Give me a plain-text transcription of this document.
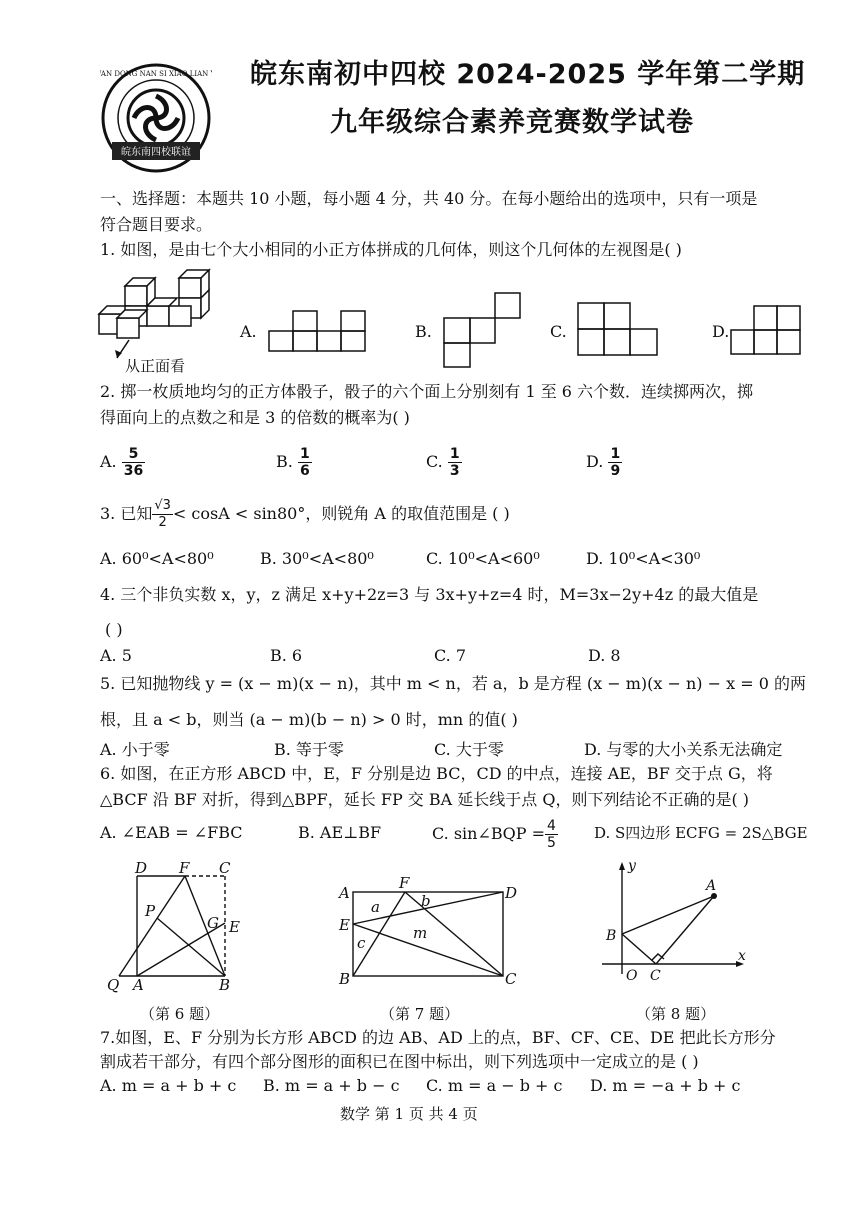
皖东南四校联谊
WAN DONG NAN SI XIAO LIAN YI 皖东南初中四校 2024-2025 学年第二学期
九年级综合素养竞赛数学试卷
一、选择题：本题共 10 小题，每小题 4 分，共 40 分。在每小题给出的选项中，只有一项是
符合题目要求。
1. 如图，是由七个大小相同的小正方体拼成的几何体，则这个几何体的左视图是( )
从正面看
A.	B.	C.	D.
2. 掷一枚质地均匀的正方体骰子，骰子的六个面上分别刻有 1 至 6 六个数．连续掷两次，掷
得面向上的点数之和是 3 的倍数的概率为( )
A. $\frac{5}{36}$	B. $\frac{1}{6}$	C. $\frac{1}{3}$	D. $\frac{1}{9}$
3. 已知 $\frac{√3}{2} < \cos A < \sin 80^\circ$，则锐角 A 的取值范围是 ( )
A. 60⁰<A<80⁰	B. 30⁰<A<80⁰	C. 10⁰<A<60⁰	D. 10⁰<A<30⁰
4. 三个非负实数 x，y，z 满足 x+y+2z=3 与 3x+y+z=4 时，M=3x−2y+4z 的最大值是
( )
A. 5	B. 6	C. 7	D. 8
5. 已知抛物线 y = (x − m)(x − n)，其中 m < n，若 a，b 是方程 (x − m)(x − n) − x = 0 的两
根，且 a < b，则当 (a − m)(b − n) > 0 时，mn 的值( )
A. 小于零	B. 等于零	C. 大于零	D. 与零的大小关系无法确定
6. 如图，在正方形 ABCD 中，E，F 分别是边 BC，CD 的中点，连接 AE，BF 交于点 G，将
△BCF 沿 BF 对折，得到△BPF，延长 FP 交 BA 延长线于点 Q，则下列结论不正确的是( )
A. ∠EAB = ∠FBC	B. AE⊥BF	C. sin∠BQP = $\frac{4}{5} D$. S四边形 ECFG = 2S△BGE
D F C
P
G E
Q A	B
（第 6 题）
A
F
D
E
B	C
a	b
c
m
（第 7 题）
y
A
B
O C
x
（第 8 题）
7.如图，E、F 分别为长方形 ABCD 的边 AB、AD 上的点，BF、CF、CE、DE 把此长方形分
割成若干部分，有四个部分图形的面积已在图中标出，则下列选项中一定成立的是 ( )
A. m = a + b + c B. m = a + b − c C. m = a − b + c D. m = −a + b + c
数学 第 1 页 共 4 页
